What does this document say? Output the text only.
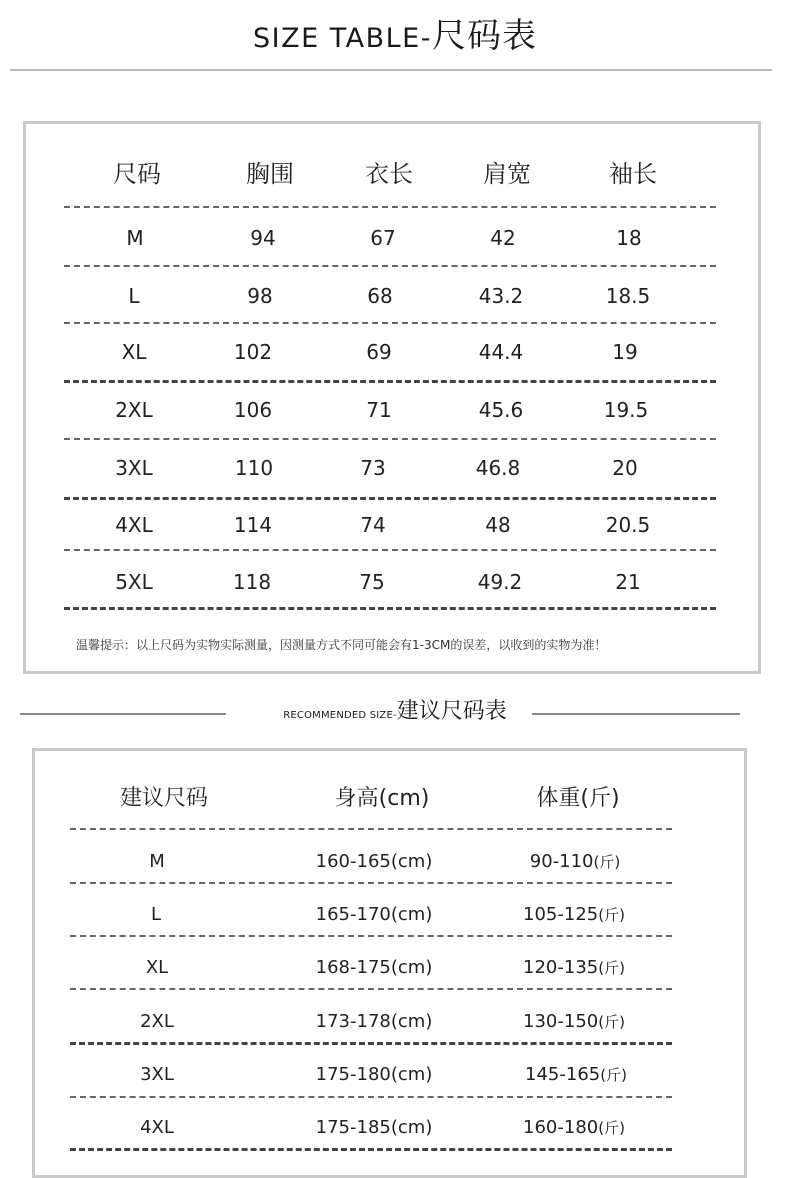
SIZE TABLE-尺码表
尺码	胸围	衣长	肩宽	袖长
M	94	67	42	18
L	98	68	43.2	18.5
XL	102	69	44.4	19
2XL	106	71	45.6	19.5
3XL	110	73	46.8	20
4XL	114	74	48	20.5
5XL	118	75	49.2	21
温馨提示：以上尺码为实物实际测量，因测量方式不同可能会有1-3CM的误差，以收到的实物为准！
RECOMMENDED SIZE-建议尺码表
建议尺码	身高(cm)	体重(斤)
M	160-165(cm)	90-110(斤)
L	165-170(cm)	105-125(斤)
XL	168-175(cm)	120-135(斤)
2XL	173-178(cm)	130-150(斤)
3XL	175-180(cm)	145-165(斤)
4XL	175-185(cm)	160-180(斤)
